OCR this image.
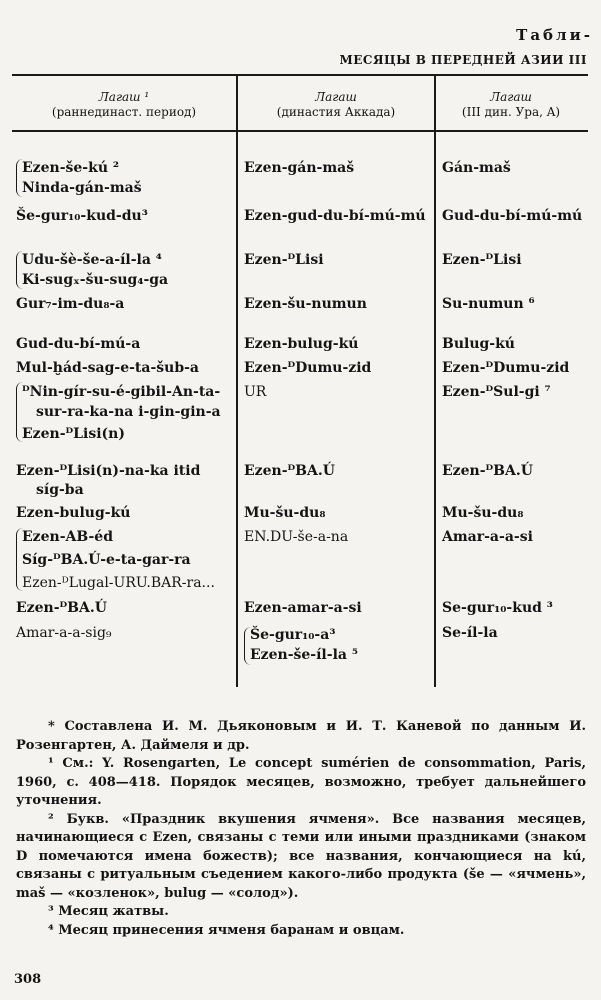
Табли-
МЕСЯЦЫ В ПЕРЕДНЕЙ АЗИИ III
Лагаш ¹
(раннединаст. период)
Лагаш
(династия Аккада)
Лагаш
(III дин. Ура, A)
Ezen-še-kú ²
Ninda-gán-maš
Še-gur₁₀-kud-du³
Udu-šè-še-a-íl-la ⁴
Ki-sugₓ-šu-sug₄-ga
Gur₇-im-du₈-a
Gud-du-bí-mú-a
Mul-ḫád-sag-e-ta-šub-a
ᴰNin-gír-su-é-gibil-An-ta-
sur-ra-ka-na i-gin-gin-a
Ezen-ᴰLisi(n)
Ezen-ᴰLisi(n)-na-ka itid
síg-ba
Ezen-bulug-kú
Ezen-AB-éd
Síg-ᴰBA.Ú-e-ta-gar-ra
Ezen-ᴰLugal-URU.BAR-ra...
Ezen-ᴰBA.Ú
Amar-a-a-sig₉
Ezen-gán-maš
Ezen-gud-du-bí-mú-mú
Ezen-ᴰLisi
Ezen-šu-numun
Ezen-bulug-kú
Ezen-ᴰDumu-zid
UR
Ezen-ᴰBA.Ú
Mu-šu-du₈
EN.DU-še-a-na
Ezen-amar-a-si
Še-gur₁₀-a³
Ezen-še-íl-la ⁵
Gán-maš
Gud-du-bí-mú-mú
Ezen-ᴰLisi
Su-numun ⁶
Bulug-kú
Ezen-ᴰDumu-zid
Ezen-ᴰSul-gi ⁷
Ezen-ᴰBA.Ú
Mu-šu-du₈
Amar-a-a-si
Se-gur₁₀-kud ³
Se-íl-la

* Составлена И. М. Дьяконовым и И. Т. Каневой по данным И. Розенгартен, А. Даймеля и др.

¹ См.: Y. Rosengarten, Le concept sumérien de consommation, Paris, 1960, с. 408—418. Порядок месяцев, возможно, требует дальнейшего уточнения.

² Букв. «Праздник вкушения ячменя». Все названия месяцев, начинающиеся с Ezen, связаны с теми или иными праздниками (знаком D помечаются имена божеств); все названия, кончающиеся на kú, связаны с ритуальным съедением какого-либо продукта (še — «ячмень», maš — «козленок», bulug — «солод»).

³ Месяц жатвы.

⁴ Месяц принесения ячменя баранам и овцам.

308
